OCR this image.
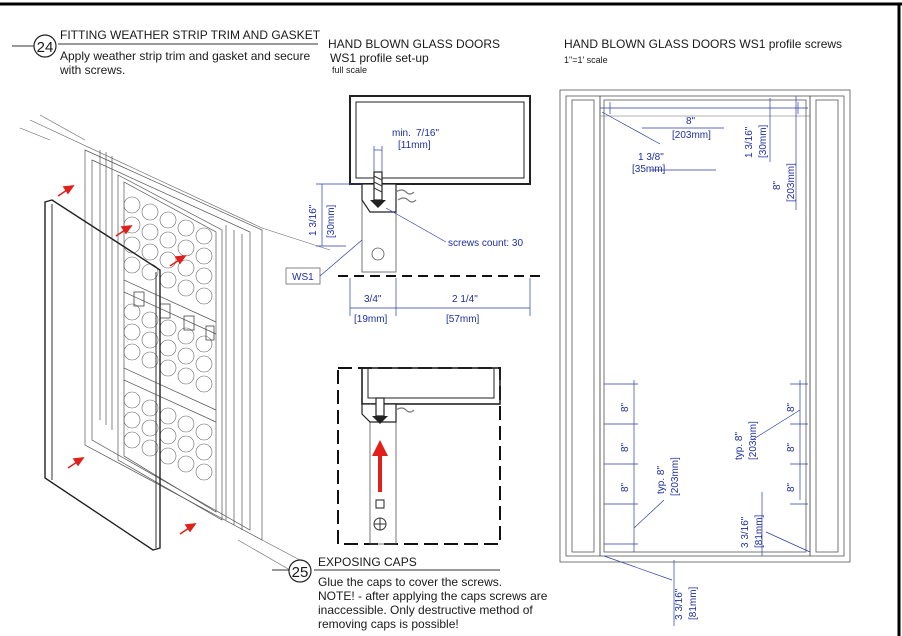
24
FITTING WEATHER STRIP TRIM AND GASKET
Apply weather strip trim and gasket and secure
with screws.
HAND BLOWN GLASS DOORS
WS1 profile set-up
full scale
min. 7/16"
[11mm]
1 3/16" [30mm]
WS1
screws count: 30
3/4"
[19mm]
2 1/4"
[57mm]
25
EXPOSING CAPS
Glue the caps to cover the screws.
NOTE! - after applying the caps screws are
inaccessible. Only destructive method of
removing caps is possible!
HAND BLOWN GLASS DOORS WS1 profile screws
1"=1' scale
8"
[203mm]
1 3/8"
[35mm]
1 3/16" [30mm]
8" [203mm]
8"
8"
8"	typ. 8" [203mm]
3 3/16" [81mm]
8"
8"
8"
typ. 8" [203mm]
3 3/16" [81mm]
